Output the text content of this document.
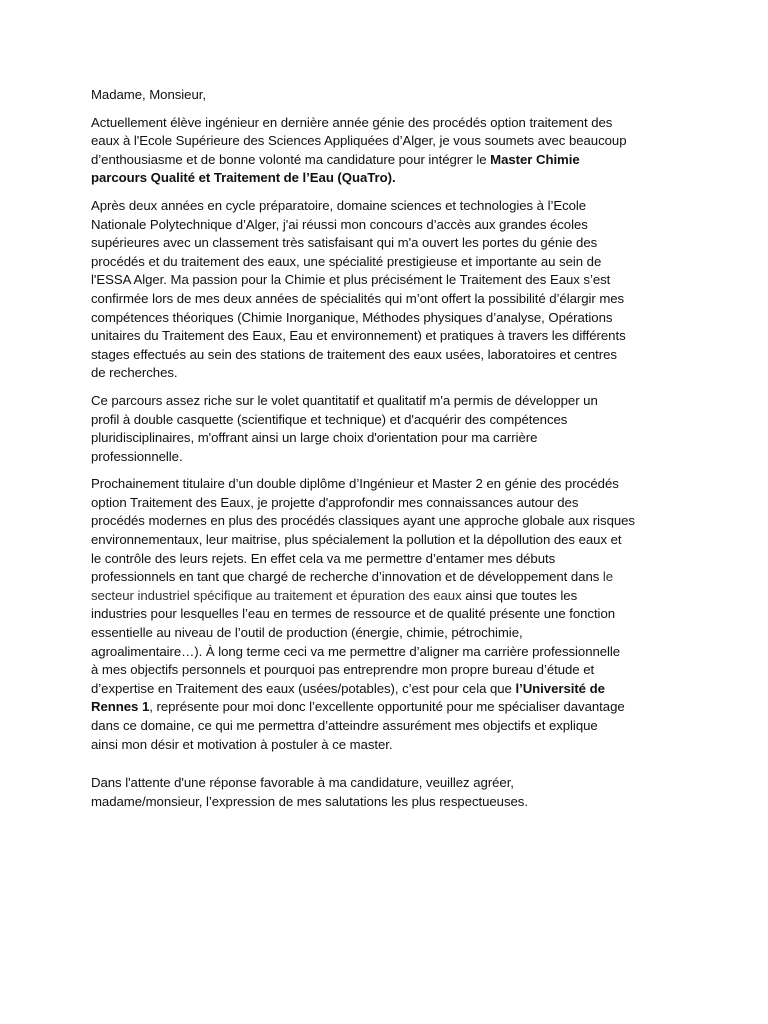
Madame, Monsieur,
Actuellement élève ingénieur en dernière année génie des procédés option traitement des
eaux à l'Ecole Supérieure des Sciences Appliquées d’Alger, je vous soumets avec beaucoup
d’enthousiasme et de bonne volonté ma candidature pour intégrer le Master Chimie
parcours Qualité et Traitement de l’Eau (QuaTro).
Après deux années en cycle préparatoire, domaine sciences et technologies à l’Ecole
Nationale Polytechnique d’Alger, j'ai réussi mon concours d’accès aux grandes écoles
supérieures avec un classement très satisfaisant qui m'a ouvert les portes du génie des
procédés et du traitement des eaux, une spécialité prestigieuse et importante au sein de
l'ESSA Alger. Ma passion pour la Chimie et plus précisément le Traitement des Eaux s’est
confirmée lors de mes deux années de spécialités qui m’ont offert la possibilité d’élargir mes
compétences théoriques (Chimie Inorganique, Méthodes physiques d’analyse, Opérations
unitaires du Traitement des Eaux, Eau et environnement) et pratiques à travers les différents
stages effectués au sein des stations de traitement des eaux usées, laboratoires et centres
de recherches.
Ce parcours assez riche sur le volet quantitatif et qualitatif m'a permis de développer un
profil à double casquette (scientifique et technique) et d'acquérir des compétences
pluridisciplinaires, m'offrant ainsi un large choix d'orientation pour ma carrière
professionnelle.
Prochainement titulaire d’un double diplôme d’Ingénieur et Master 2 en génie des procédés
option Traitement des Eaux, je projette d'approfondir mes connaissances autour des
procédés modernes en plus des procédés classiques ayant une approche globale aux risques
environnementaux, leur maitrise, plus spécialement la pollution et la dépollution des eaux et
le contrôle des leurs rejets. En effet cela va me permettre d’entamer mes débuts
professionnels en tant que chargé de recherche d’innovation et de développement dans le
secteur industriel spécifique au traitement et épuration des eaux ainsi que toutes les
industries pour lesquelles l’eau en termes de ressource et de qualité présente une fonction
essentielle au niveau de l’outil de production (énergie, chimie, pétrochimie,
agroalimentaire…). À long terme ceci va me permettre d’aligner ma carrière professionnelle
à mes objectifs personnels et pourquoi pas entreprendre mon propre bureau d’étude et
d’expertise en Traitement des eaux (usées/potables), c’est pour cela que l’Université de
Rennes 1, représente pour moi donc l’excellente opportunité pour me spécialiser davantage
dans ce domaine, ce qui me permettra d’atteindre assurément mes objectifs et explique
ainsi mon désir et motivation à postuler à ce master.
Dans l'attente d'une réponse favorable à ma candidature, veuillez agréer,
madame/monsieur, l’expression de mes salutations les plus respectueuses.
